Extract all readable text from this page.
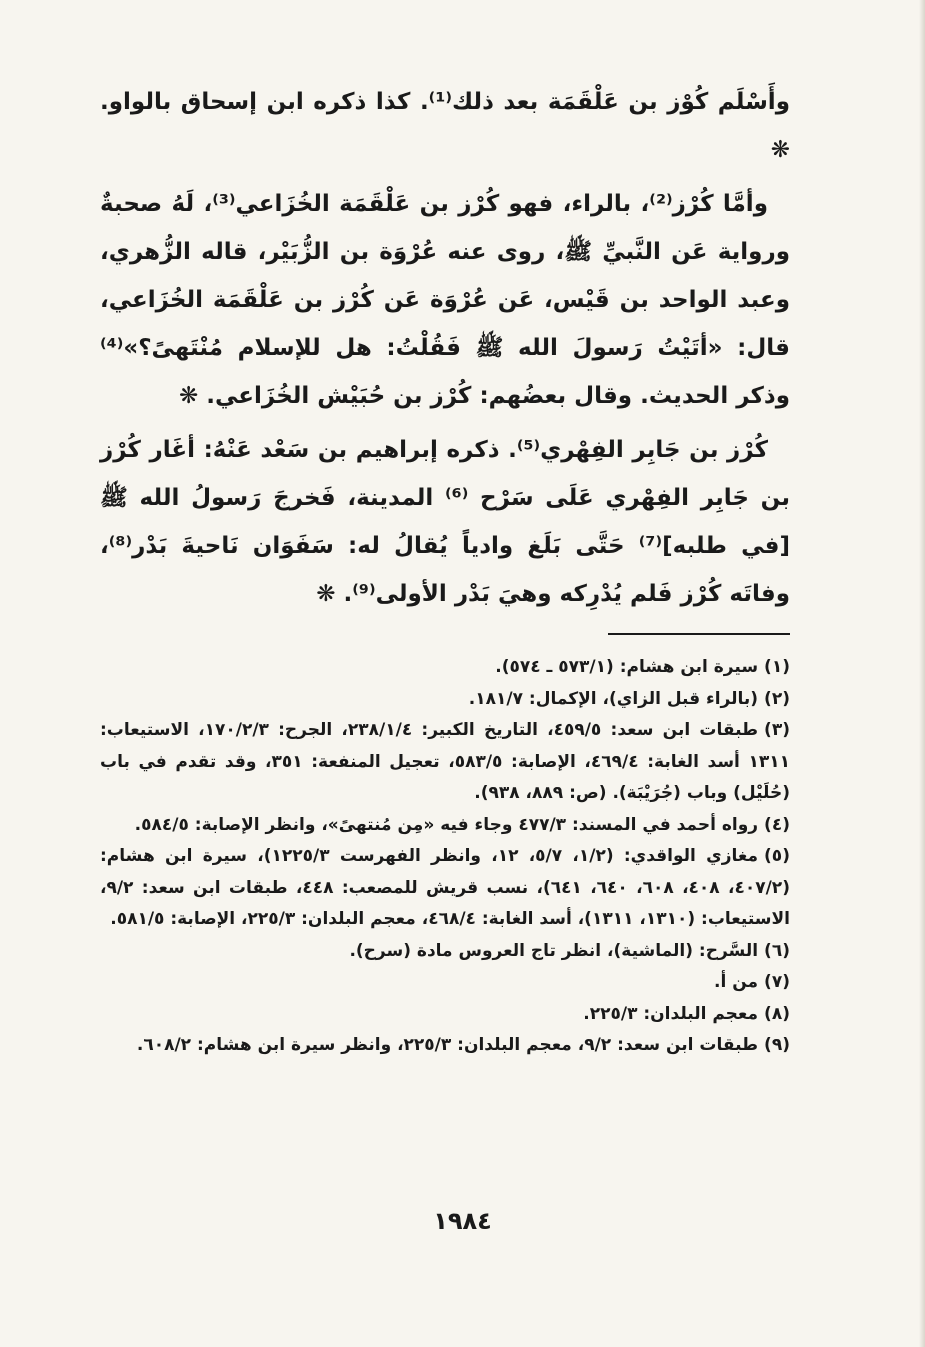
وأَسْلَم كُوْز بن عَلْقَمَة بعد ذلك⁽¹⁾. كذا ذكره ابن إسحاق بالواو. ❋

وأمَّا كُرْز⁽²⁾، بالراء، فهو كُرْز بن عَلْقَمَة الخُزَاعي⁽³⁾، لَهُ صحبةٌ ورواية عَن النَّبيِّ ﷺ، روى عنه عُرْوَة بن الزُّبَيْر، قاله الزُّهري، وعبد الواحد بن قَيْس، عَن عُرْوَة عَن كُرْز بن عَلْقَمَة الخُزَاعي، قال: «أتَيْتُ رَسولَ الله ﷺ فَقُلْتُ: هل للإسلام مُنْتَهىً؟»⁽⁴⁾ وذكر الحديث. وقال بعضُهم: كُرْز بن حُبَيْش الخُزَاعي. ❋

كُرْز بن جَابِر الفِهْري⁽⁵⁾. ذكره إبراهيم بن سَعْد عَنْهُ: أغَار كُرْز بن جَابِر الفِهْري عَلَى سَرْح ⁽⁶⁾ المدينة، فَخرجَ رَسولُ الله ﷺ [في طلبه]⁽⁷⁾ حَتَّى بَلَغ وادياً يُقالُ له: سَفَوَان نَاحيةَ بَدْر⁽⁸⁾، وفاتَه كُرْز فَلم يُدْرِكه وهيَ بَدْر الأولى⁽⁹⁾. ❋

(١)سيرة ابن هشام: (٥٧٣/١ ـ ٥٧٤).

(٢)(بالراء قبل الزاي)، الإكمال: ١٨١/٧.

(٣)طبقات ابن سعد: ٤٥٩/٥، التاريخ الكبير: ٢٣٨/١/٤، الجرح: ١٧٠/٢/٣، الاستيعاب: ١٣١١ أسد الغابة: ٤٦٩/٤، الإصابة: ٥٨٣/٥، تعجيل المنفعة: ٣٥١، وقد تقدم في باب (حُلَيْل) وباب (جُرَيْبَة). (ص: ٨٨٩، ٩٣٨).

(٤)رواه أحمد في المسند: ٤٧٧/٣ وجاء فيه «مِن مُنتهىً»، وانظر الإصابة: ٥٨٤/٥.

(٥)مغازي الواقدي: (١/٢، ٥/٧، ١٢، وانظر الفهرست ١٢٢٥/٣)، سيرة ابن هشام: (٤٠٧/٢، ٤٠٨، ٦٠٨، ٦٤٠، ٦٤١)، نسب قريش للمصعب: ٤٤٨، طبقات ابن سعد: ٩/٢، الاستيعاب: (١٣١٠، ١٣١١)، أسد الغابة: ٤٦٨/٤، معجم البلدان: ٢٢٥/٣، الإصابة: ٥٨١/٥.

(٦)السَّرح: (الماشية)، انظر تاج العروس مادة (سرح).

(٧)من أ.

(٨)معجم البلدان: ٢٢٥/٣.

(٩)طبقات ابن سعد: ٩/٢، معجم البلدان: ٢٢٥/٣، وانظر سيرة ابن هشام: ٦٠٨/٢.

١٩٨٤
